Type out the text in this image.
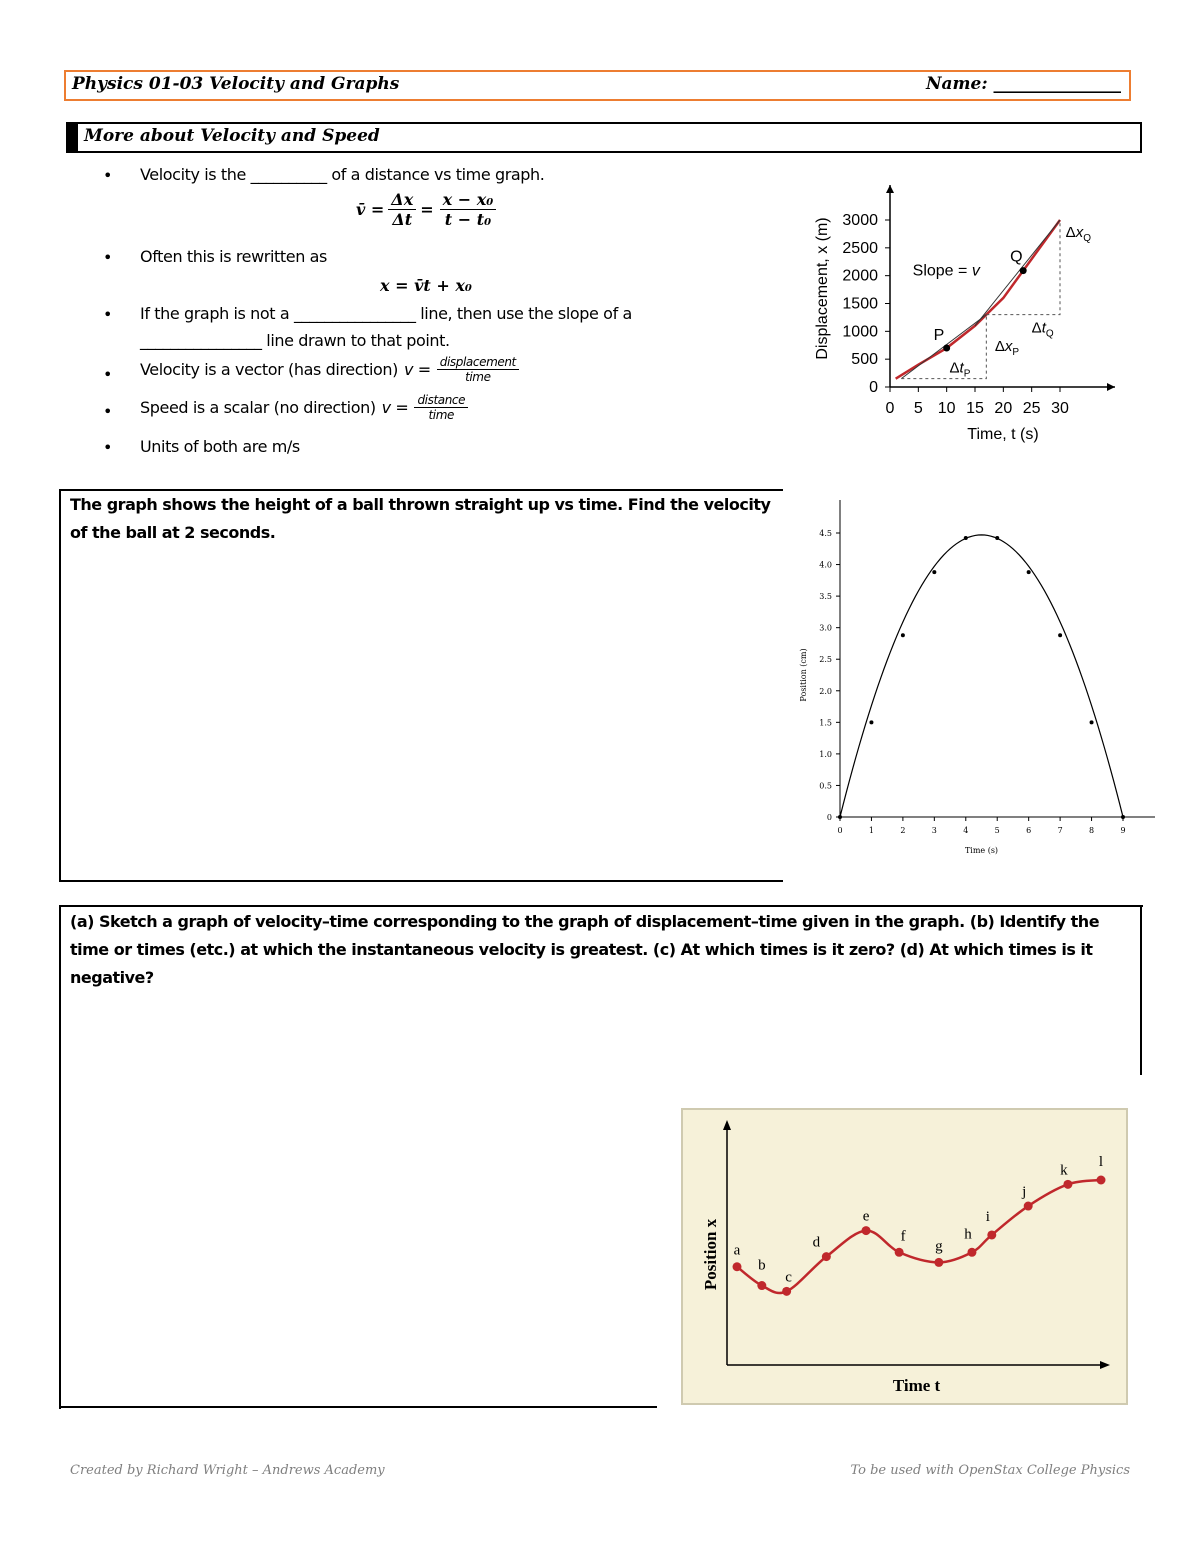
Physics 01-03 Velocity and Graphs	Name: _______________
More about Velocity and Speed
• Velocity is the __________ of a distance vs time graph.
v̄ = $\frac{\Delta x}{\Delta t} = \frac{\text{x − x₀}}{\text{t − t₀}}$
• Often this is rewritten as
x = v̄t + x₀
• If the graph is not a ________________ line, then use the slope of a
________________ line drawn to that point.
• Velocity is a vector (has direction) $v = \frac{\text{displacement}}{\text{time}}$
• Speed is a scalar (no direction) $v = \frac{\text{distance}}{\text{time}}$
• Units of both are m/s
0 5 10 15 20 25 30
0
500
1000
1500
2000
2500
3000
Time, t (s)
Displacement, x (m)	P
Q
Slope = v
$\Delta t_P$
$\Delta x_P$
$\Delta t_Q$
$\Delta x_Q$
The graph shows the height of a ball thrown straight up vs time. Find the velocity of the ball at 2 seconds.
0	1	2	3	4	5	6	7	8	9
0
0.5
1.0
1.5
2.0
2.5
3.0
3.5
4.0
4.5
Time (s)
Position (cm)
(a) Sketch a graph of velocity–time corresponding to the graph of displacement–time given in the graph. (b) Identify the time or times (etc.) at which the instantaneous velocity is greatest. (c) At which times is it zero? (d) At which times is it negative?
Time t
Position x a
b
c
d
e
f
g
h
i
j
k
l
Created by Richard Wright – Andrews Academy	To be used with OpenStax College Physics
